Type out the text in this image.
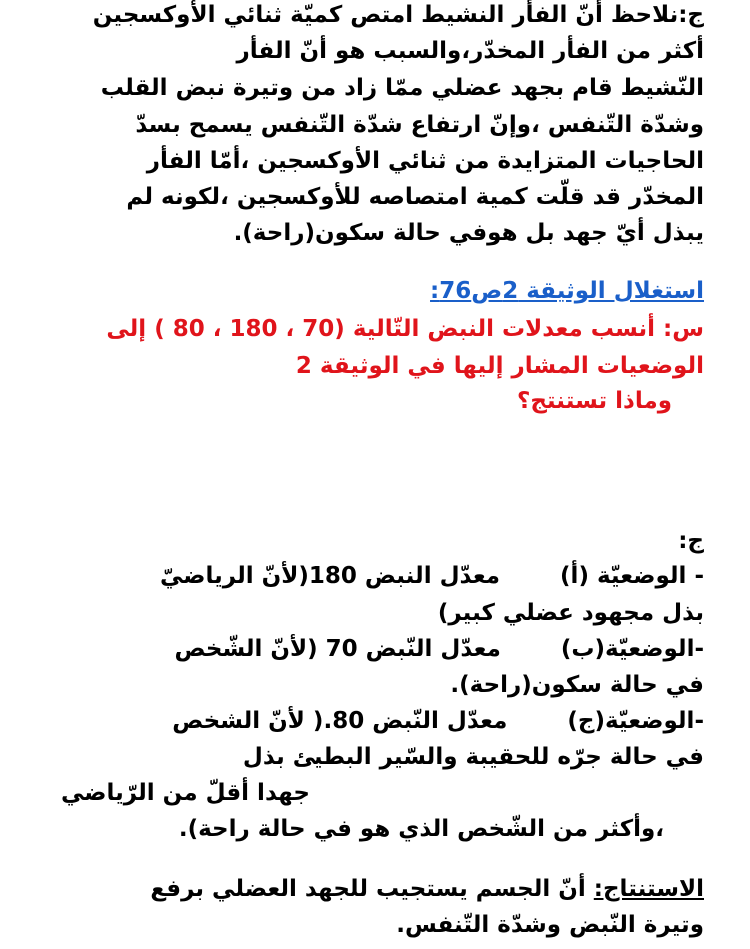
ج:نلاحظ أنّ الفأر النشيط امتص كميّة ثنائي الأوكسجين
أكثر من الفأر المخدّر،والسبب هو أنّ الفأر
النّشيط قام بجهد عضلي ممّا زاد من وتيرة نبض القلب
وشدّة التّنفس ،وإنّ ارتفاع شدّة التّنفس يسمح بسدّ
الحاجيات المتزايدة من ثنائي الأوكسجين ،أمّا الفأر
المخدّر قد قلّت كمية امتصاصه للأوكسجين ،لكونه لم
يبذل أيّ جهد بل هوفي حالة سكون(راحة).
استغلال الوثيقة 2ص76:
س: أنسب معدلات النبض التّالية (70 ، 180 ، 80 ) إلى
الوضعيات المشار إليها في الوثيقة 2
وماذا تستنتج؟
ج:
- الوضعيّة (أ)معدّل النبض 180(لأنّ الرياضيّ
بذل مجهود عضلي كبير)
-الوضعيّة(ب)معدّل النّبض 70 (لأنّ الشّخص
في حالة سكون(راحة).
-الوضعيّة(ج)معدّل النّبض 80.( لأنّ الشخص
في حالة جرّه للحقيبة والسّير البطيئ بذل
جهدا أقلّ من الرّياضي
،وأكثر من الشّخص الذي هو في حالة راحة).
الاستنتاج: أنّ الجسم يستجيب للجهد العضلي برفع
وتيرة النّبض وشدّة التّنفس.
